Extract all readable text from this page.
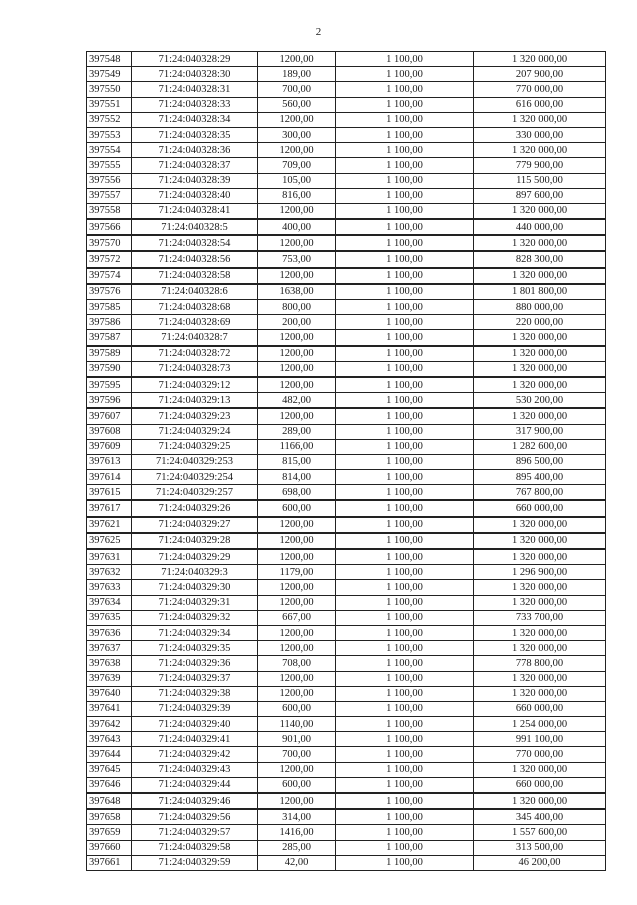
2
397548	71:24:040328:29	1200,00	1 100,00	1 320 000,00
397549	71:24:040328:30	189,00	1 100,00	207 900,00
397550	71:24:040328:31	700,00	1 100,00	770 000,00
397551	71:24:040328:33	560,00	1 100,00	616 000,00
397552	71:24:040328:34	1200,00	1 100,00	1 320 000,00
397553	71:24:040328:35	300,00	1 100,00	330 000,00
397554	71:24:040328:36	1200,00	1 100,00	1 320 000,00
397555	71:24:040328:37	709,00	1 100,00	779 900,00
397556	71:24:040328:39	105,00	1 100,00	115 500,00
397557	71:24:040328:40	816,00	1 100,00	897 600,00
397558	71:24:040328:41	1200,00	1 100,00	1 320 000,00
397566	71:24:040328:5	400,00	1 100,00	440 000,00
397570	71:24:040328:54	1200,00	1 100,00	1 320 000,00
397572	71:24:040328:56	753,00	1 100,00	828 300,00
397574	71:24:040328:58	1200,00	1 100,00	1 320 000,00
397576	71:24:040328:6	1638,00	1 100,00	1 801 800,00
397585	71:24:040328:68	800,00	1 100,00	880 000,00
397586	71:24:040328:69	200,00	1 100,00	220 000,00
397587	71:24:040328:7	1200,00	1 100,00	1 320 000,00
397589	71:24:040328:72	1200,00	1 100,00	1 320 000,00
397590	71:24:040328:73	1200,00	1 100,00	1 320 000,00
397595	71:24:040329:12	1200,00	1 100,00	1 320 000,00
397596	71:24:040329:13	482,00	1 100,00	530 200,00
397607	71:24:040329:23	1200,00	1 100,00	1 320 000,00
397608	71:24:040329:24	289,00	1 100,00	317 900,00
397609	71:24:040329:25	1166,00	1 100,00	1 282 600,00
397613	71:24:040329:253	815,00	1 100,00	896 500,00
397614	71:24:040329:254	814,00	1 100,00	895 400,00
397615	71:24:040329:257	698,00	1 100,00	767 800,00
397617	71:24:040329:26	600,00	1 100,00	660 000,00
397621	71:24:040329:27	1200,00	1 100,00	1 320 000,00
397625	71:24:040329:28	1200,00	1 100,00	1 320 000,00
397631	71:24:040329:29	1200,00	1 100,00	1 320 000,00
397632	71:24:040329:3	1179,00	1 100,00	1 296 900,00
397633	71:24:040329:30	1200,00	1 100,00	1 320 000,00
397634	71:24:040329:31	1200,00	1 100,00	1 320 000,00
397635	71:24:040329:32	667,00	1 100,00	733 700,00
397636	71:24:040329:34	1200,00	1 100,00	1 320 000,00
397637	71:24:040329:35	1200,00	1 100,00	1 320 000,00
397638	71:24:040329:36	708,00	1 100,00	778 800,00
397639	71:24:040329:37	1200,00	1 100,00	1 320 000,00
397640	71:24:040329:38	1200,00	1 100,00	1 320 000,00
397641	71:24:040329:39	600,00	1 100,00	660 000,00
397642	71:24:040329:40	1140,00	1 100,00	1 254 000,00
397643	71:24:040329:41	901,00	1 100,00	991 100,00
397644	71:24:040329:42	700,00	1 100,00	770 000,00
397645	71:24:040329:43	1200,00	1 100,00	1 320 000,00
397646	71:24:040329:44	600,00	1 100,00	660 000,00
397648	71:24:040329:46	1200,00	1 100,00	1 320 000,00
397658	71:24:040329:56	314,00	1 100,00	345 400,00
397659	71:24:040329:57	1416,00	1 100,00	1 557 600,00
397660	71:24:040329:58	285,00	1 100,00	313 500,00
397661	71:24:040329:59	42,00	1 100,00	46 200,00
